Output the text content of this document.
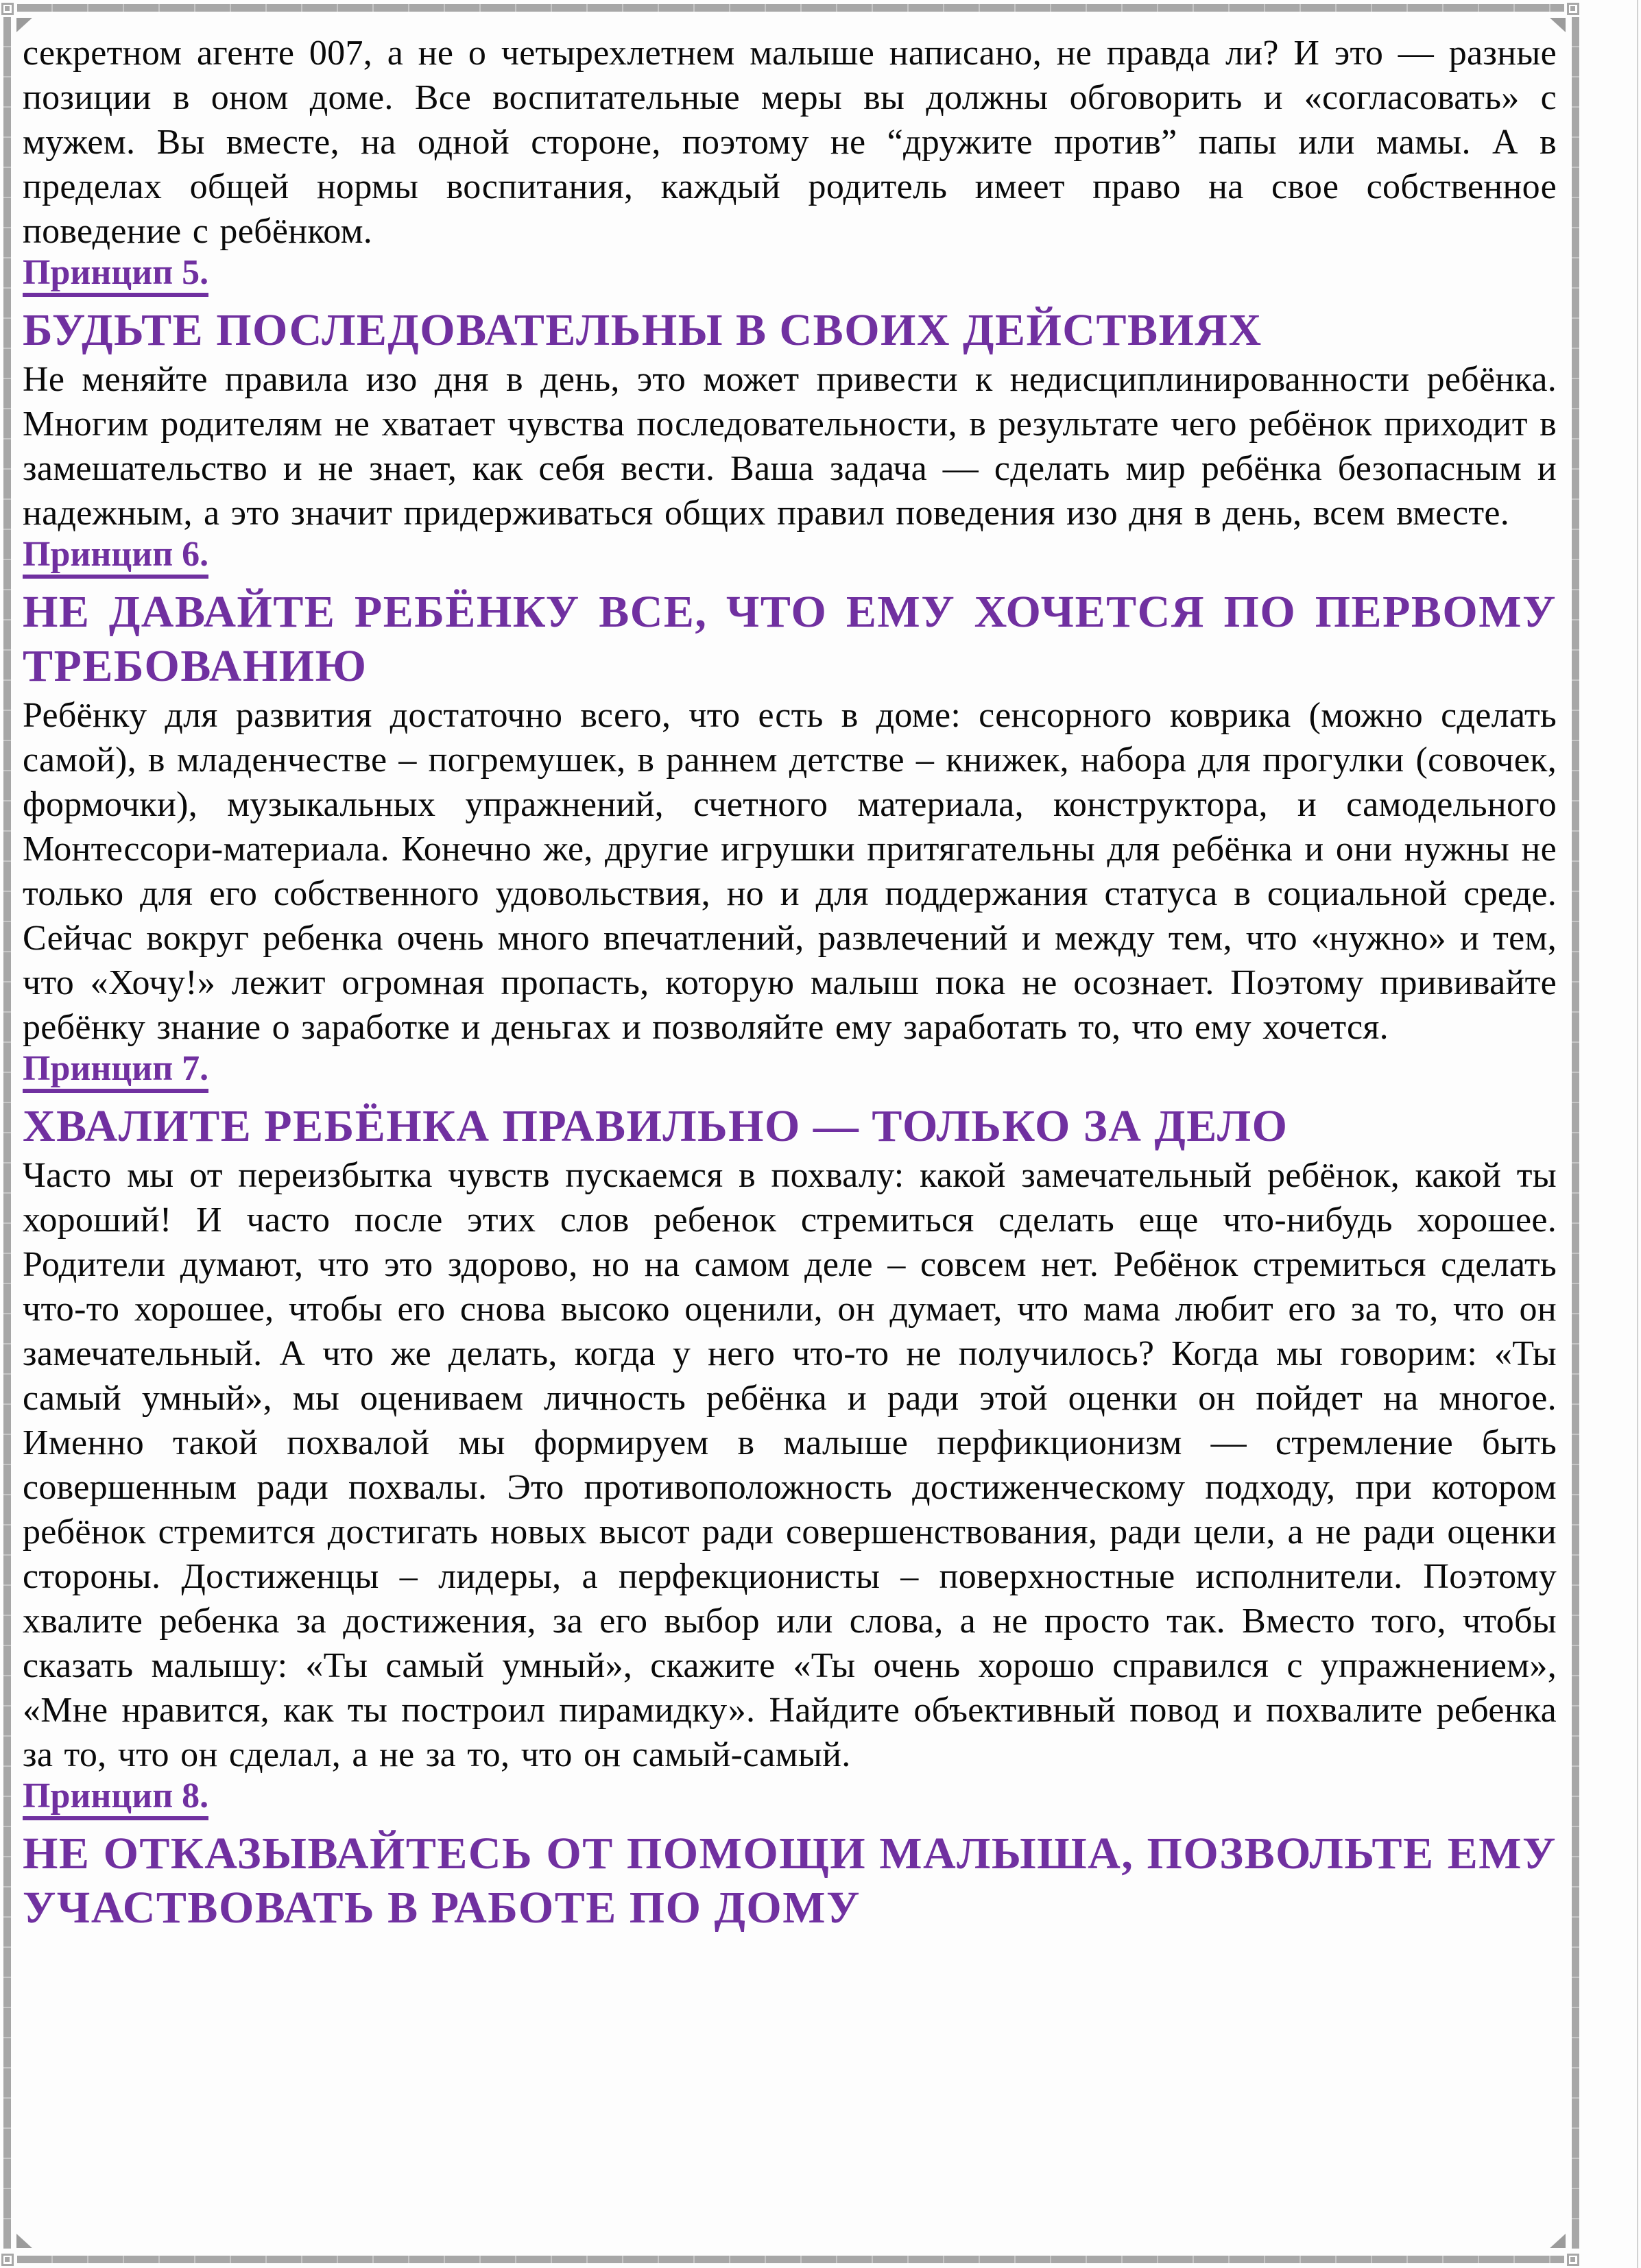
секретном агенте 007, а не о четырехлетнем малыше написано, не правда ли? И это — разные позиции в оном доме. Все воспитательные меры вы должны обговорить и «согласовать» с мужем. Вы вместе, на одной стороне, поэтому не “дружите против” папы или мамы. А в пределах общей нормы воспитания, каждый родитель имеет право на свое собственное поведение с ребёнком.

Принцип 5.

БУДЬТЕ ПОСЛЕДОВАТЕЛЬНЫ В СВОИХ ДЕЙСТВИЯХ

Не меняйте правила изо дня в день, это может привести к недисциплинированности ребёнка. Многим родителям не хватает чувства последовательности, в результате чего ребёнок приходит в замешательство и не знает, как себя вести. Ваша задача — сделать мир ребёнка безопасным и надежным, а это значит придерживаться общих правил поведения изо дня в день, всем вместе.

Принцип 6.

НЕ ДАВАЙТЕ РЕБЁНКУ ВСЕ, ЧТО ЕМУ ХОЧЕТСЯ ПО ПЕРВОМУ ТРЕБОВАНИЮ

Ребёнку для развития достаточно всего, что есть в доме: сенсорного коврика (можно сделать самой), в младенчестве – погремушек, в раннем детстве – книжек, набора для прогулки (совочек, формочки), музыкальных упражнений, счетного материала, конструктора, и самодельного Монтессори-материала. Конечно же, другие игрушки притягательны для ребёнка и они нужны не только для его собственного удовольствия, но и для поддержания статуса в социальной среде. Сейчас вокруг ребенка очень много впечатлений, развлечений и между тем, что «нужно» и тем, что «Хочу!» лежит огромная пропасть, которую малыш пока не осознает. Поэтому прививайте ребёнку знание о заработке и деньгах и позволяйте ему заработать то, что ему хочется.

Принцип 7.

ХВАЛИТЕ РЕБЁНКА ПРАВИЛЬНО — ТОЛЬКО ЗА ДЕЛО

Часто мы от переизбытка чувств пускаемся в похвалу: какой замечательный ребёнок, какой ты хороший! И часто после этих слов ребенок стремиться сделать еще что-нибудь хорошее. Родители думают, что это здорово, но на самом деле – совсем нет. Ребёнок стремиться сделать что-то хорошее, чтобы его снова высоко оценили, он думает, что мама любит его за то, что он замечательный. А что же делать, когда у него что-то не получилось? Когда мы говорим: «Ты самый умный», мы оцениваем личность ребёнка и ради этой оценки он пойдет на многое. Именно такой похвалой мы формируем в малыше перфикционизм — стремление быть совершенным ради похвалы. Это противоположность достиженческому подходу, при котором ребёнок стремится достигать новых высот ради совершенствования, ради цели, а не ради оценки стороны. Достиженцы – лидеры, а перфекционисты – поверхностные исполнители. Поэтому хвалите ребенка за достижения, за его выбор или слова, а не просто так. Вместо того, чтобы сказать малышу: «Ты самый умный», скажите «Ты очень хорошо справился с упражнением», «Мне нравится, как ты построил пирамидку». Найдите объективный повод и похвалите ребенка за то, что он сделал, а не за то, что он самый-самый.

Принцип 8.

НЕ ОТКАЗЫВАЙТЕСЬ ОТ ПОМОЩИ МАЛЫША, ПОЗВОЛЬТЕ ЕМУ УЧАСТВОВАТЬ В РАБОТЕ ПО ДОМУ
